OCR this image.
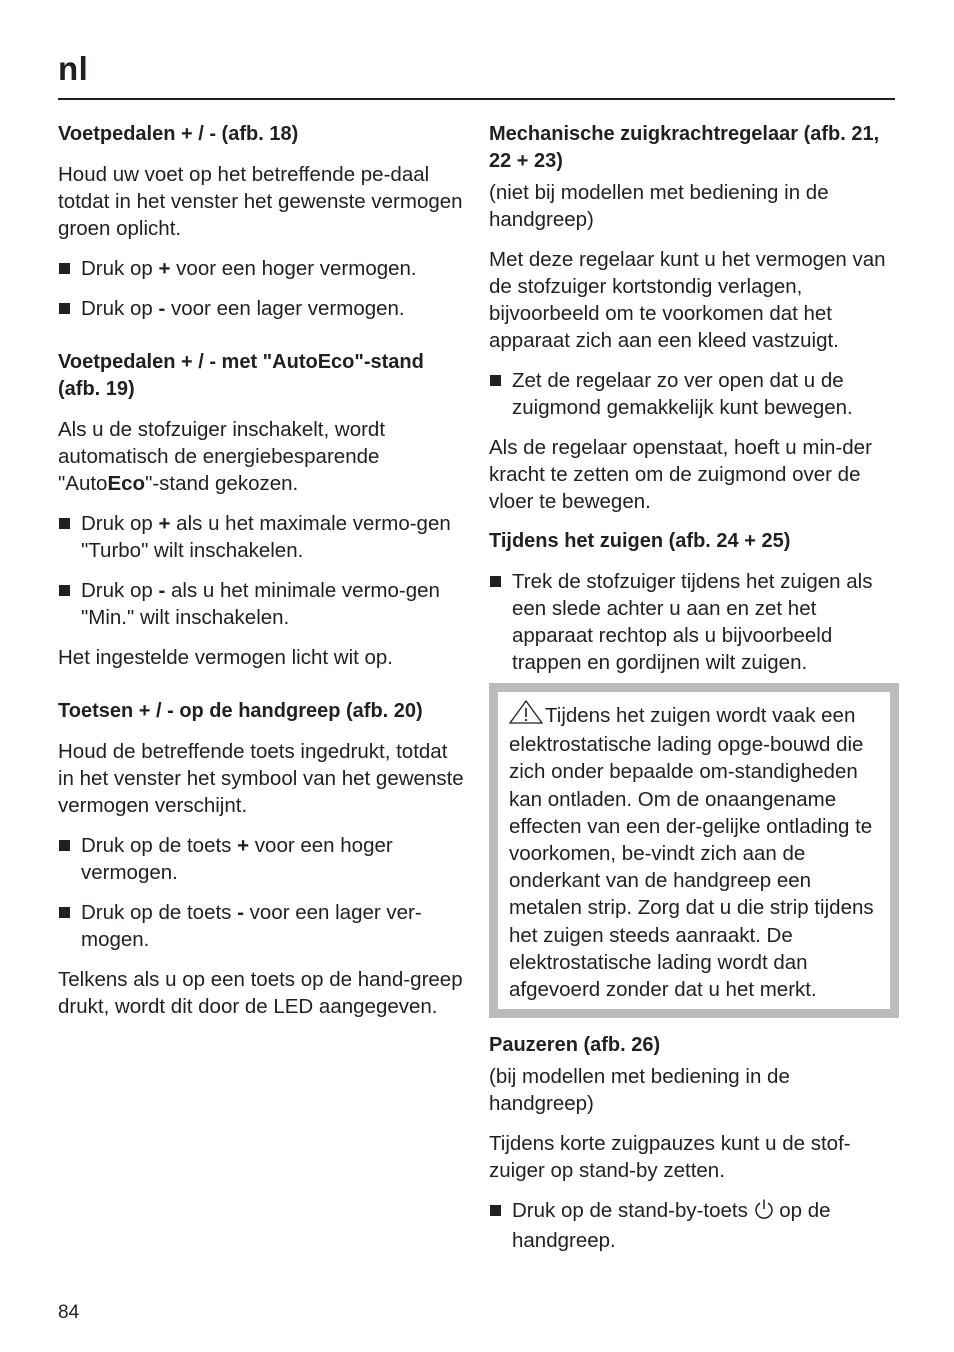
nl
Voetpedalen + / - (afb. 18)

Houd uw voet op het betreffende pe-daal totdat in het venster het gewenste vermogen groen oplicht.

Druk op + voor een hoger vermogen.
Druk op - voor een lager vermogen.
Voetpedalen + / - met "AutoEco"-stand (afb. 19)

Als u de stofzuiger inschakelt, wordt automatisch de energiebesparende "AutoEco"-stand gekozen.

Druk op + als u het maximale vermo-gen "Turbo" wilt inschakelen.
Druk op - als u het minimale vermo-gen "Min." wilt inschakelen.

Het ingestelde vermogen licht wit op.

Toetsen + / - op de handgreep (afb. 20)

Houd de betreffende toets ingedrukt, totdat in het venster het symbool van het gewenste vermogen verschijnt.

Druk op de toets + voor een hoger vermogen.
Druk op de toets - voor een lager ver-mogen.

Telkens als u op een toets op de hand-greep drukt, wordt dit door de LED aangegeven.

Mechanische zuigkrachtregelaar (afb. 21, 22 + 23)

(niet bij modellen met bediening in de handgreep)

Met deze regelaar kunt u het vermogen van de stofzuiger kortstondig verlagen, bijvoorbeeld om te voorkomen dat het apparaat zich aan een kleed vastzuigt.

Zet de regelaar zo ver open dat u de zuigmond gemakkelijk kunt bewegen.

Als de regelaar openstaat, hoeft u min-der kracht te zetten om de zuigmond over de vloer te bewegen.

Tijdens het zuigen (afb. 24 + 25)
Trek de stofzuiger tijdens het zuigen als een slede achter u aan en zet het apparaat rechtop als u bijvoorbeeld trappen en gordijnen wilt zuigen.
Tijdens het zuigen wordt vaak een elektrostatische lading opge-bouwd die zich onder bepaalde om-standigheden kan ontladen. Om de onaangename effecten van een der-gelijke ontlading te voorkomen, be-vindt zich aan de onderkant van de handgreep een metalen strip. Zorg dat u die strip tijdens het zuigen steeds aanraakt. De elektrostatische lading wordt dan afgevoerd zonder dat u het merkt.
Pauzeren (afb. 26)

(bij modellen met bediening in de handgreep)

Tijdens korte zuigpauzes kunt u de stof-zuiger op stand-by zetten.

Druk op de stand-by-toets  op de handgreep.
84
